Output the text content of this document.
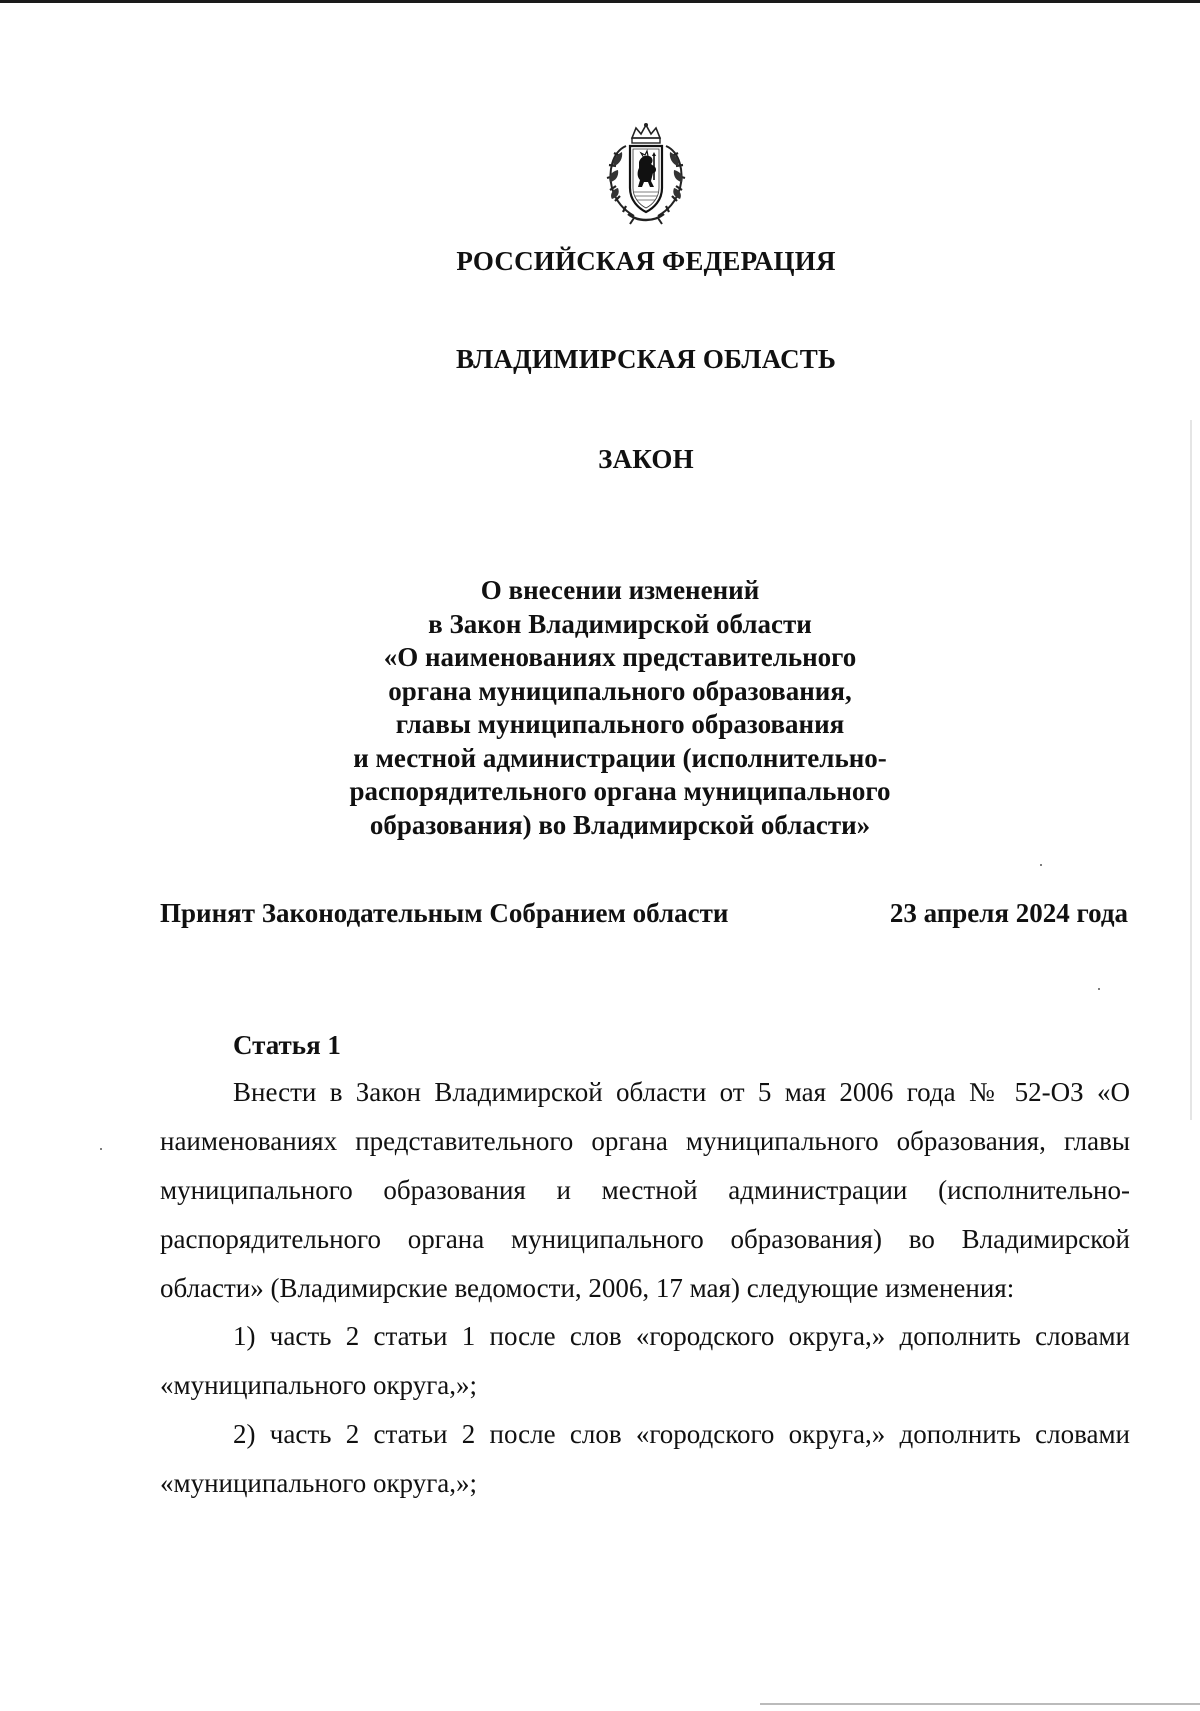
РОССИЙСКАЯ ФЕДЕРАЦИЯ
ВЛАДИМИРСКАЯ ОБЛАСТЬ
ЗАКОН
О внесении изменений
в Закон Владимирской области
«О наименованиях представительного
органа муниципального образования,
главы муниципального образования
и местной администрации (исполнительно-
распорядительного органа муниципального
образования) во Владимирской области»
Принят Законодательным Собранием области	23 апреля 2024 года
Статья 1
Внести в Закон Владимирской области от 5 мая 2006 года № 52-ОЗ «О наименованиях представительного органа муниципального образования, главы муниципального образования и местной администрации (исполнительно-распорядительного органа муниципального образования) во Владимирской области» (Владимирские ведомости, 2006, 17 мая) следующие изменения:
1) часть 2 статьи 1 после слов «городского округа,» дополнить словами «муниципального округа,»;
2) часть 2 статьи 2 после слов «городского округа,» дополнить словами «муниципального округа,»;
